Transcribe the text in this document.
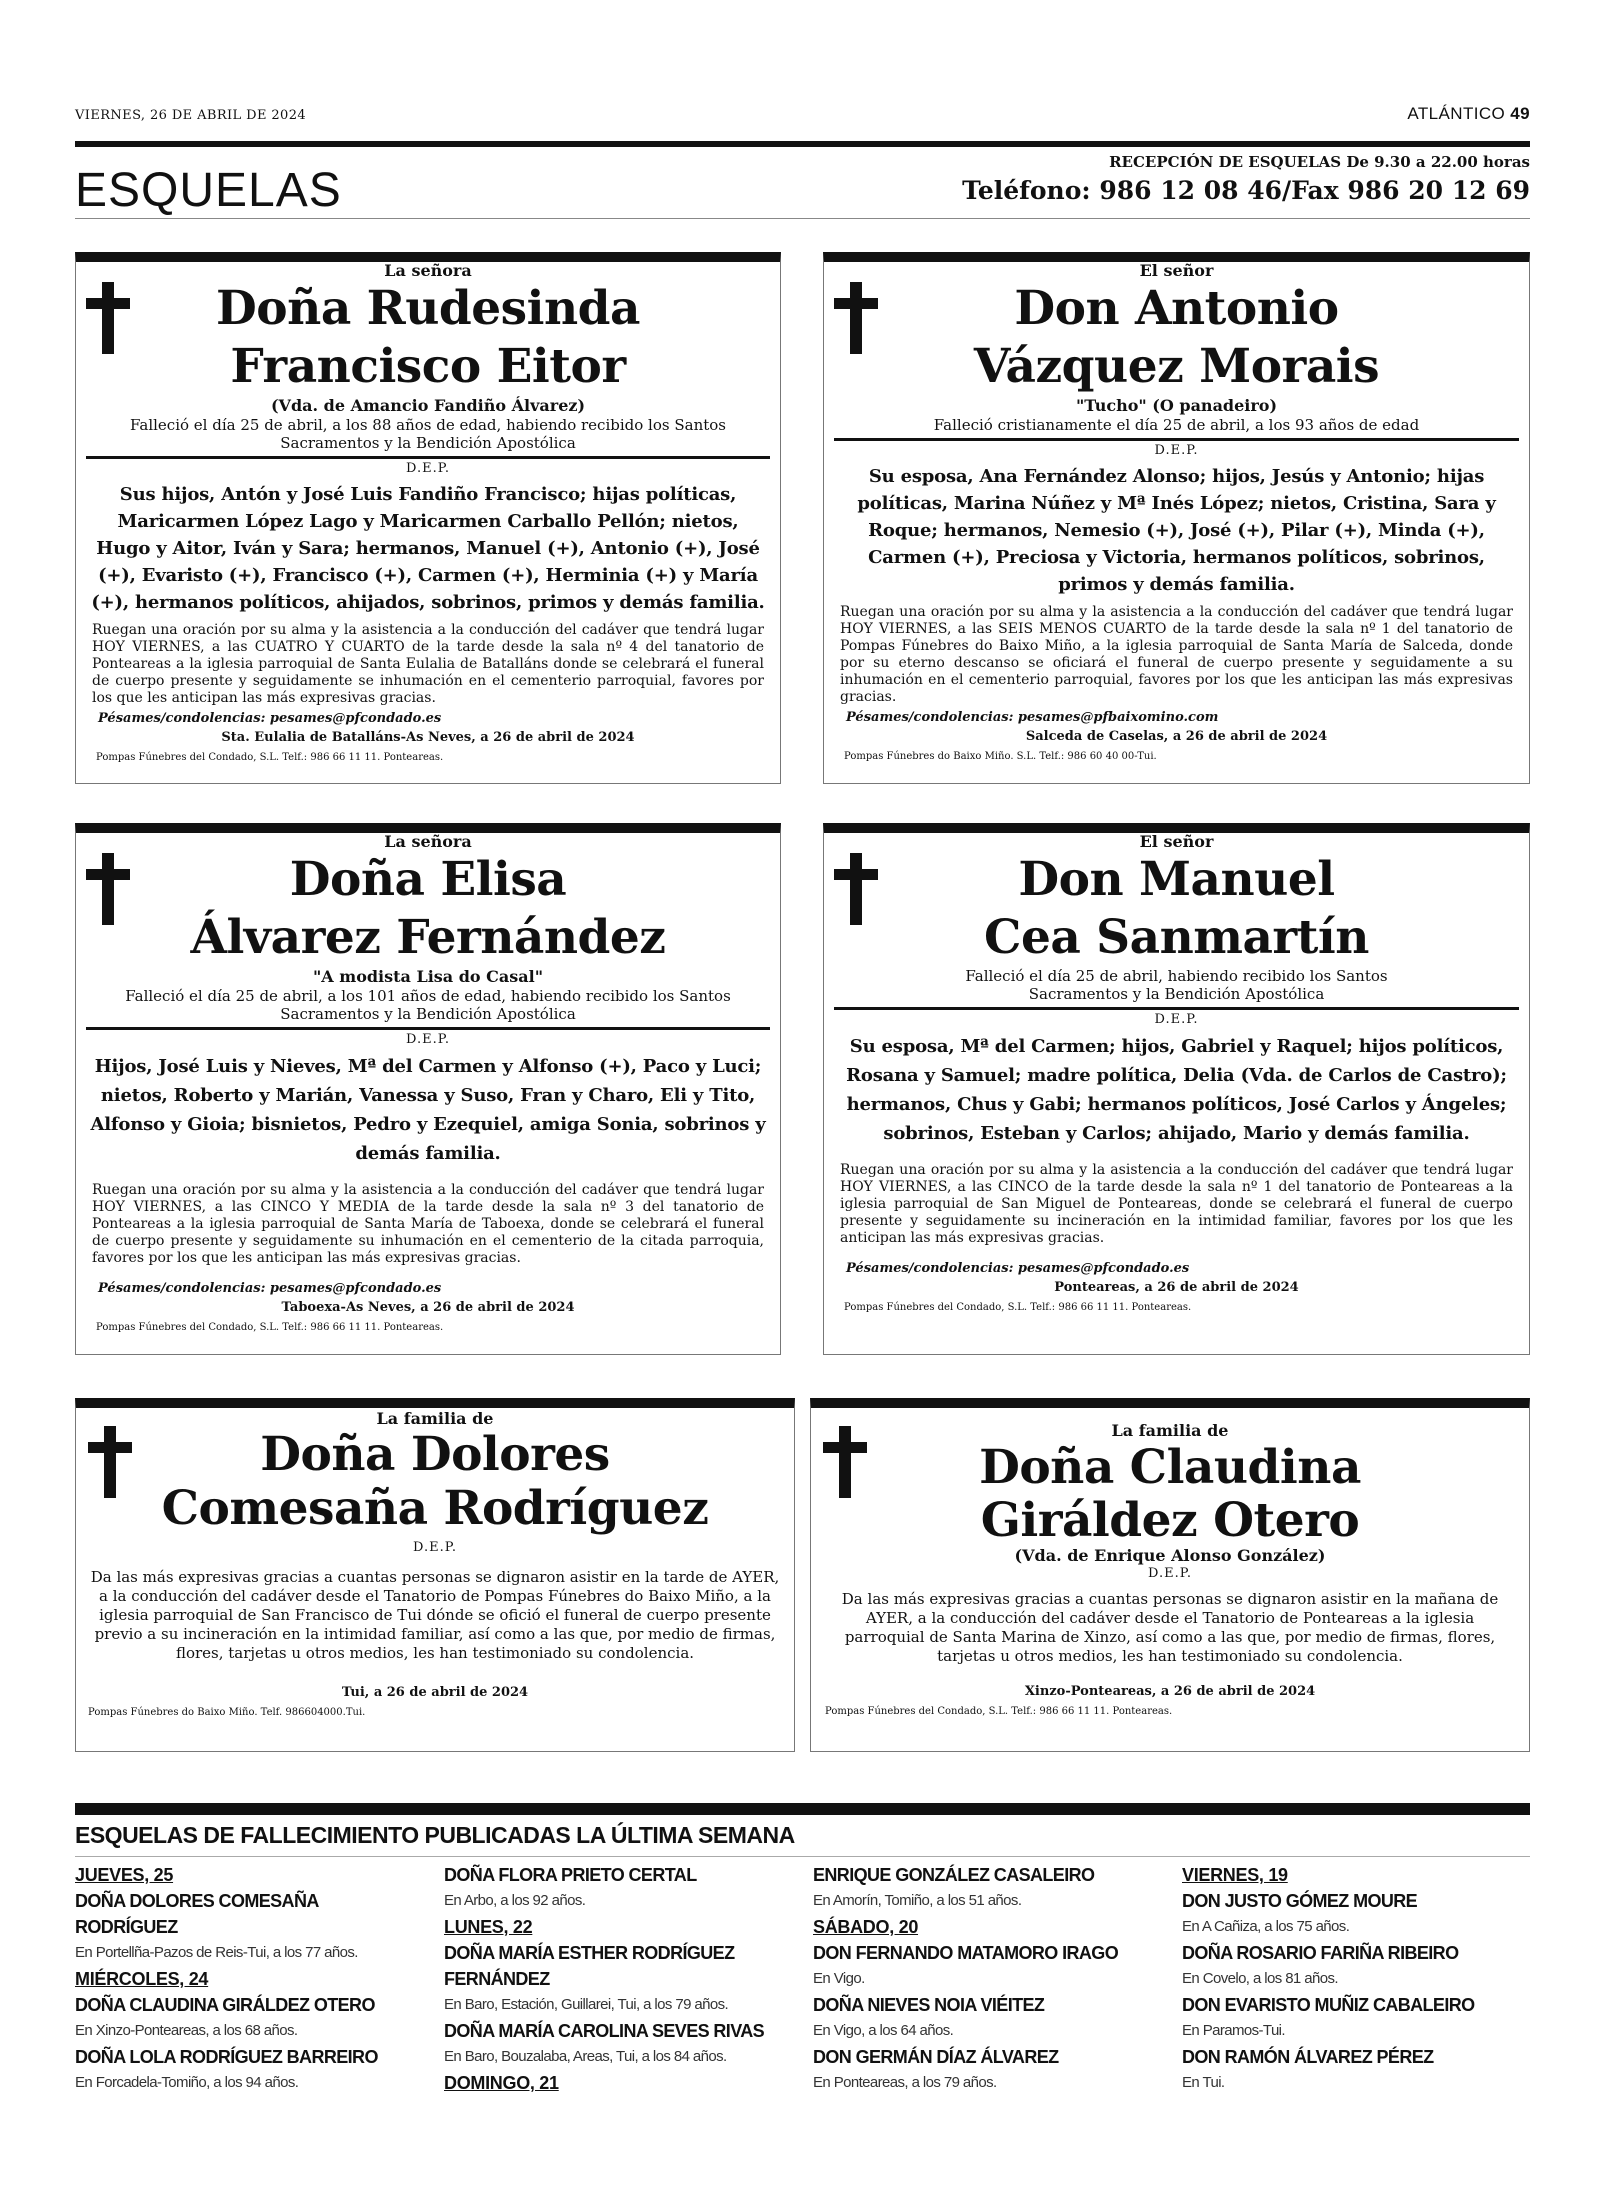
VIERNES, 26 DE ABRIL DE 2024	ATLÁNTICO 49
ESQUELAS
RECEPCIÓN DE ESQUELAS De 9.30 a 22.00 horas
Teléfono: 986 12 08 46/Fax 986 20 12 69
La señora
Doña Rudesinda
Francisco Eitor
(Vda. de Amancio Fandiño Álvarez)
Falleció el día 25 de abril, a los 88 años de edad, habiendo recibido los Santos Sacramentos y la Bendición Apostólica
D.E.P.
Sus hijos, Antón y José Luis Fandiño Francisco; hijas políticas, Maricarmen López Lago y Maricarmen Carballo Pellón; nietos, Hugo y Aitor, Iván y Sara; hermanos, Manuel (+), Antonio (+), José (+), Evaristo (+), Francisco (+), Carmen (+), Herminia (+) y María (+), hermanos políticos, ahijados, sobrinos, primos y demás familia.
Ruegan una oración por su alma y la asistencia a la conducción del cadáver que tendrá lugar HOY VIERNES, a las CUATRO Y CUARTO de la tarde desde la sala nº 4 del tanatorio de Ponteareas a la iglesia parroquial de Santa Eulalia de Batalláns donde se celebrará el funeral de cuerpo presente y seguidamente se inhumación en el cementerio parroquial, favores por los que les anticipan las más expresivas gracias.
Pésames/condolencias: pesames@pfcondado.es
Sta. Eulalia de Batalláns-As Neves, a 26 de abril de 2024
Pompas Fúnebres del Condado, S.L. Telf.: 986 66 11 11. Ponteareas.
El señor
Don Antonio
Vázquez Morais
"Tucho" (O panadeiro)
Falleció cristianamente el día 25 de abril, a los 93 años de edad
D.E.P.
Su esposa, Ana Fernández Alonso; hijos, Jesús y Antonio; hijas políticas, Marina Núñez y Mª Inés López; nietos, Cristina, Sara y Roque; hermanos, Nemesio (+), José (+), Pilar (+), Minda (+), Carmen (+), Preciosa y Victoria, hermanos políticos, sobrinos, primos y demás familia.
Ruegan una oración por su alma y la asistencia a la conducción del cadáver que tendrá lugar HOY VIERNES, a las SEIS MENOS CUARTO de la tarde desde la sala nº 1 del tanatorio de Pompas Fúnebres do Baixo Miño, a la iglesia parroquial de Santa María de Salceda, donde por su eterno descanso se oficiará el funeral de cuerpo presente y seguidamente a su inhumación en el cementerio parroquial, favores por los que les anticipan las más expresivas gracias.
Pésames/condolencias: pesames@pfbaixomino.com
Salceda de Caselas, a 26 de abril de 2024
Pompas Fúnebres do Baixo Miño. S.L. Telf.: 986 60 40 00-Tui.
La señora
Doña Elisa
Álvarez Fernández
"A modista Lisa do Casal"
Falleció el día 25 de abril, a los 101 años de edad, habiendo recibido los Santos Sacramentos y la Bendición Apostólica
D.E.P.
Hijos, José Luis y Nieves, Mª del Carmen y Alfonso (+), Paco y Luci; nietos, Roberto y Marián, Vanessa y Suso, Fran y Charo, Eli y Tito, Alfonso y Gioia; bisnietos, Pedro y Ezequiel, amiga Sonia, sobrinos y demás familia.
Ruegan una oración por su alma y la asistencia a la conducción del cadáver que tendrá lugar HOY VIERNES, a las CINCO Y MEDIA de la tarde desde la sala nº 3 del tanatorio de Ponteareas a la iglesia parroquial de Santa María de Taboexa, donde se celebrará el funeral de cuerpo presente y seguidamente su inhumación en el cementerio de la citada parroquia, favores por los que les anticipan las más expresivas gracias.
Pésames/condolencias: pesames@pfcondado.es
Taboexa-As Neves, a 26 de abril de 2024
Pompas Fúnebres del Condado, S.L. Telf.: 986 66 11 11. Ponteareas.
El señor
Don Manuel
Cea Sanmartín
Falleció el día 25 de abril, habiendo recibido los Santos Sacramentos y la Bendición Apostólica
D.E.P.
Su esposa, Mª del Carmen; hijos, Gabriel y Raquel; hijos políticos, Rosana y Samuel; madre política, Delia (Vda. de Carlos de Castro); hermanos, Chus y Gabi; hermanos políticos, José Carlos y Ángeles; sobrinos, Esteban y Carlos; ahijado, Mario y demás familia.
Ruegan una oración por su alma y la asistencia a la conducción del cadáver que tendrá lugar HOY VIERNES, a las CINCO de la tarde desde la sala nº 1 del tanatorio de Ponteareas a la iglesia parroquial de San Miguel de Ponteareas, donde se celebrará el funeral de cuerpo presente y seguidamente su incineración en la intimidad familiar, favores por los que les anticipan las más expresivas gracias.
Pésames/condolencias: pesames@pfcondado.es
Ponteareas, a 26 de abril de 2024
Pompas Fúnebres del Condado, S.L. Telf.: 986 66 11 11. Ponteareas.
La familia de
Doña Dolores
Comesaña Rodríguez
D.E.P.
Da las más expresivas gracias a cuantas personas se dignaron asistir en la tarde de AYER, a la conducción del cadáver desde el Tanatorio de Pompas Fúnebres do Baixo Miño, a la iglesia parroquial de San Francisco de Tui dónde se ofició el funeral de cuerpo presente previo a su incineración en la intimidad familiar, así como a las que, por medio de firmas, flores, tarjetas u otros medios, les han testimoniado su condolencia.
Tui, a 26 de abril de 2024
Pompas Fúnebres do Baixo Miño. Telf. 986604000.Tui.
La familia de
Doña Claudina
Giráldez Otero
(Vda. de Enrique Alonso González)
D.E.P.
Da las más expresivas gracias a cuantas personas se dignaron asistir en la mañana de AYER, a la conducción del cadáver desde el Tanatorio de Ponteareas a la iglesia parroquial de Santa Marina de Xinzo, así como a las que, por medio de firmas, flores, tarjetas u otros medios, les han testimoniado su condolencia.
Xinzo-Ponteareas, a 26 de abril de 2024
Pompas Fúnebres del Condado, S.L. Telf.: 986 66 11 11. Ponteareas.
ESQUELAS DE FALLECIMIENTO PUBLICADAS LA ÚLTIMA SEMANA
JUEVES, 25
DOÑA DOLORES COMESAÑA
RODRÍGUEZ
En Portellña-Pazos de Reis-Tui, a los 77 años.
MIÉRCOLES, 24
DOÑA CLAUDINA GIRÁLDEZ OTERO
En Xinzo-Ponteareas, a los 68 años.
DOÑA LOLA RODRÍGUEZ BARREIRO
En Forcadela-Tomiño, a los 94 años.
DOÑA FLORA PRIETO CERTAL
En Arbo, a los 92 años.
LUNES, 22
DOÑA MARÍA ESTHER RODRÍGUEZ
FERNÁNDEZ
En Baro, Estación, Guillarei, Tui, a los 79 años.
DOÑA MARÍA CAROLINA SEVES RIVAS
En Baro, Bouzalaba, Areas, Tui, a los 84 años.
DOMINGO, 21
ENRIQUE GONZÁLEZ CASALEIRO
En Amorín, Tomiño, a los 51 años.
SÁBADO, 20
DON FERNANDO MATAMORO IRAGO
En Vigo.
DOÑA NIEVES NOIA VIÉITEZ
En Vigo, a los 64 años.
DON GERMÁN DÍAZ ÁLVAREZ
En Ponteareas, a los 79 años.
VIERNES, 19
DON JUSTO GÓMEZ MOURE
En A Cañiza, a los 75 años.
DOÑA ROSARIO FARIÑA RIBEIRO
En Covelo, a los 81 años.
DON EVARISTO MUÑIZ CABALEIRO
En Paramos-Tui.
DON RAMÓN ÁLVAREZ PÉREZ
En Tui.
